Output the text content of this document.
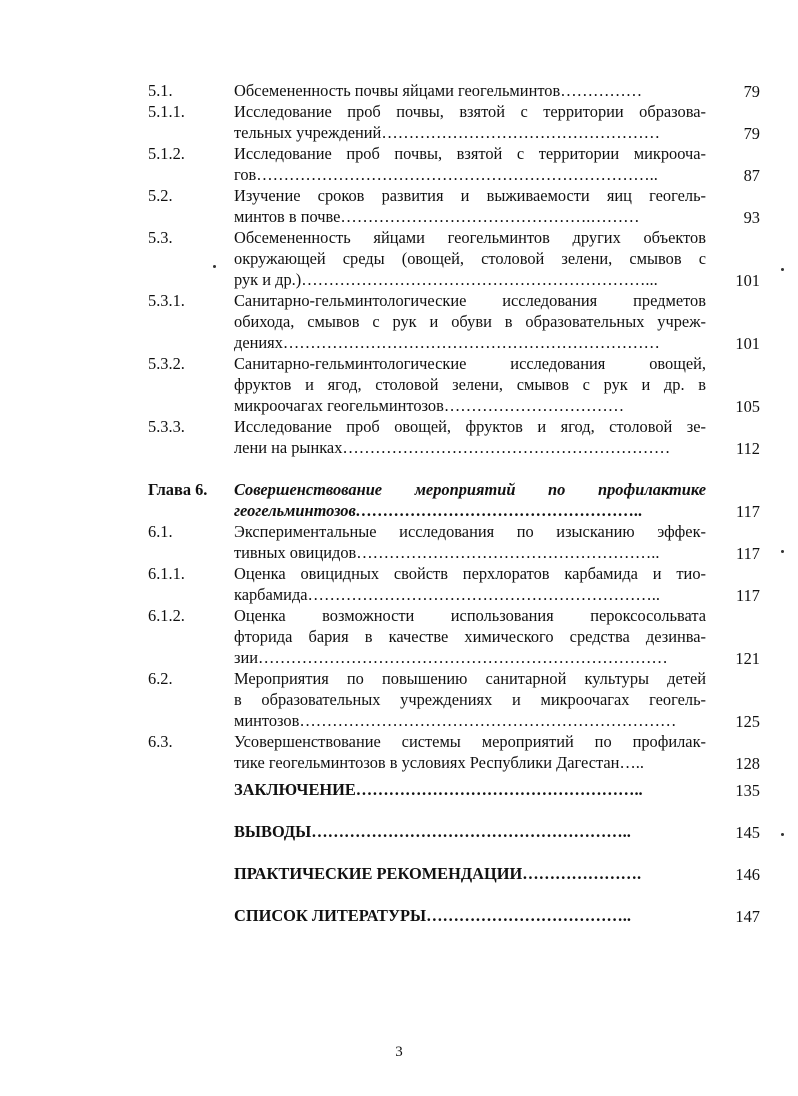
5.1.	Обсемененность почвы яйцами геогельминтов……………	79
5.1.1.	Исследование проб почвы, взятой с территории образова-
тельных учреждений……………………………………………	79
5.1.2.	Исследование проб почвы, взятой с территории микроочa-
гов………………………………………………………………..	87
5.2.	Изучение сроков развития и выживаемости яиц геогель-
минтов в почве……………………………………….………	93
5.3.	Обсемененность яйцами геогельминтов других объектов
окружающей среды (овощей, столовой зелени, смывов с
рук и др.)………………………………………………………...	101
5.3.1.	Санитарно-гельминтологические исследования предметов
обихода, смывов с рук и обуви в образовательных учреж-
дениях……………………………………………………………	101
5.3.2.	Санитарно-гельминтологические исследования овощей,
фруктов и ягод, столовой зелени, смывов с рук и др. в
микроочагах геогельминтозов……………………………	105
5.3.3.	Исследование проб овощей, фруктов и ягод, столовой зе-
лени на рынках……………………………………………………	112
Глава 6. Совершенствование мероприятий по профилактике
геогельминтозов……………………………………………..	117
6.1.	Экспериментальные исследования по изысканию эффек-
тивных овицидов………………………………………………..	117
6.1.1.	Оценка овицидных свойств перхлоратов карбамида и тио-
карбамида………………………………………………………..	117
6.1.2.	Оценка возможности использования пероксосольвата
фторида бария в качестве химического средства дезинва-
зии…………………………………………………………………	121
6.2.	Мероприятия по повышению санитарной культуры детей
в образовательных учреждениях и микроочагах геогель-
минтозов……………………………………………………………	125
6.3.	Усовершенствование системы мероприятий по профилак-
тике геогельминтозов в условиях Республики Дагестан…..	128
ЗАКЛЮЧЕНИЕ……………………………………………..	135
ВЫВОДЫ…………………………………………………..	145
ПРАКТИЧЕСКИЕ РЕКОМЕНДАЦИИ………………….	146
СПИСОК ЛИТЕРАТУРЫ………………………………..	147
3
